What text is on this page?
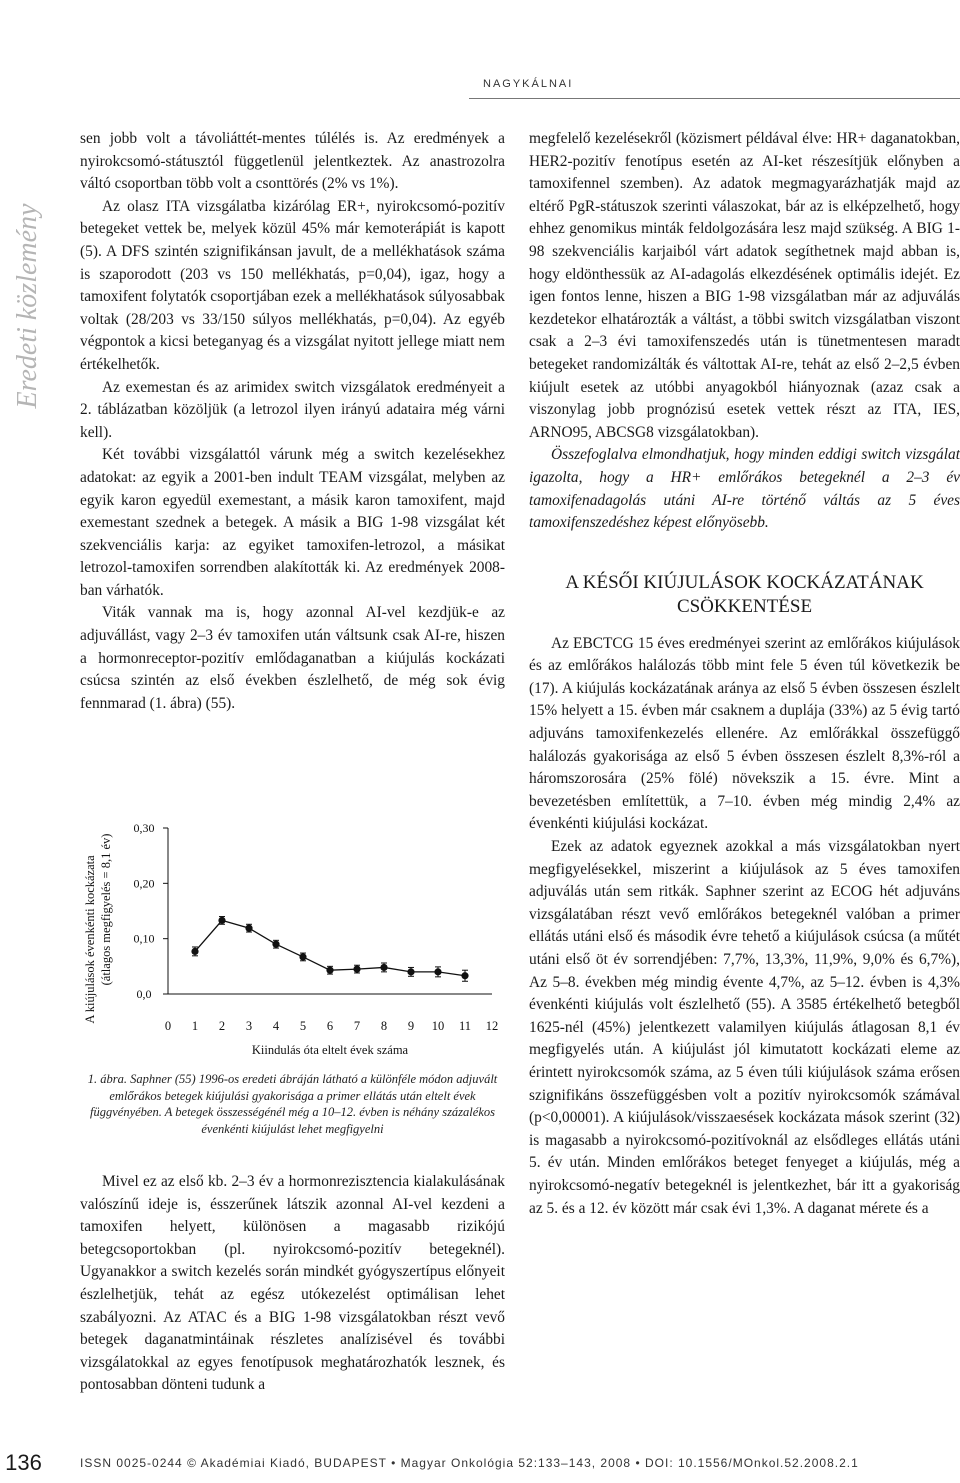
NAGYKÁLNAI
Eredeti közlemény

sen jobb volt a távoliáttét-mentes túlélés is. Az eredmények a nyirokcsomó-státusztól függetlenül jelentkeztek. Az anastrozolra váltó csoportban több volt a csonttörés (2% vs 1%).

Az olasz ITA vizsgálatba kizárólag ER+, nyirokcsomó-pozitív betegeket vettek be, melyek közül 45% már kemoterápiát is kapott (5). A DFS szintén szignifikánsan javult, de a mellékhatások száma is szaporodott (203 vs 150 mellékhatás, p=0,04), igaz, hogy a tamoxifent folytatók csoportjában ezek a mellékhatások súlyosabbak voltak (28/203 vs 33/150 súlyos mellékhatás, p=0,04). Az egyéb végpontok a kicsi beteganyag és a vizsgálat nyitott jellege miatt nem értékelhetők.

Az exemestan és az arimidex switch vizsgálatok eredményeit a 2. táblázatban közöljük (a letrozol ilyen irányú adataira még várni kell).

Két további vizsgálattól várunk még a switch kezelésekhez adatokat: az egyik a 2001-ben indult TEAM vizsgálat, melyben az egyik karon egyedül exemestant, a másik karon tamoxifent, majd exemestant szednek a betegek. A másik a BIG 1-98 vizsgálat két szekvenciális karja: az egyiket tamoxifen-letrozol, a másikat letrozol-tamoxifen sorrendben alakították ki. Az eredmények 2008-ban várhatók.

Viták vannak ma is, hogy azonnal AI-vel kezdjük-e az adjuvállást, vagy 2–3 év tamoxifen után váltsunk csak AI-re, hiszen a hormonreceptor-pozitív emlődaganatban a kiújulás kockázati csúcsa szintén az első években észlelhető, de még sok évig fennmarad (1. ábra) (55).

0,0
0,10
0,20
0,30
0 1 2 3 4 5 6 7 8 9 10 11 12
Kiindulás óta eltelt évek száma
A kiújulások évenkénti kockázata (átlagos megfigyelés = 8,1 év)
1. ábra. Saphner (55) 1996-os eredeti ábráján látható a különféle módon adjuvált emlőrákos betegek kiújulási gyakorisága a primer ellátás után eltelt évek függvényében. A betegek összességénél még a 10–12. évben is néhány százalékos évenkénti kiújulást lehet megfigyelni

Mivel ez az első kb. 2–3 év a hormonrezisztencia kialakulásának valószínű ideje is, ésszerűnek látszik azonnal AI-vel kezdeni a tamoxifen helyett, különösen a magasabb rizikójú betegcsoportokban (pl. nyirokcsomó-pozitív betegeknél). Ugyanakkor a switch kezelés során mindkét gyógyszertípus előnyeit észlelhetjük, tehát az egész utókezelést optimálisan lehet szabályozni. Az ATAC és a BIG 1-98 vizsgálatokban részt vevő betegek daganatmintáinak részletes analízisével és további vizsgálatokkal az egyes fenotípusok meghatározhatók lesznek, és pontosabban dönteni tudunk a

megfelelő kezelésekről (közismert példával élve: HR+ daganatokban, HER2-pozitív fenotípus esetén az AI-ket részesítjük előnyben a tamoxifennel szemben). Az adatok megmagyarázhatják majd az eltérő PgR-státuszok szerinti válaszokat, bár az is elképzelhető, hogy ehhez genomikus minták feldolgozására lesz majd szükség. A BIG 1-98 szekvenciális karjaiból várt adatok segíthetnek majd abban is, hogy eldönthessük az AI-adagolás elkezdésének optimális idejét. Ez igen fontos lenne, hiszen a BIG 1-98 vizsgálatban már az adjuválás kezdetekor elhatározták a váltást, a többi switch vizsgálatban viszont csak a 2–3 évi tamoxifenszedés után is tünetmentesen maradt betegeket randomizálták és váltottak AI-re, tehát az első 2–2,5 évben kiújult esetek az utóbbi anyagokból hiányoznak (azaz csak a viszonylag jobb prognózisú esetek vettek részt az ITA, IES, ARNO95, ABCSG8 vizsgálatokban).

Összefoglalva elmondhatjuk, hogy minden eddigi switch vizsgálat igazolta, hogy a HR+ emlőrákos betegeknél a 2–3 év tamoxifenadagolás utáni AI-re történő váltás az 5 éves tamoxifenszedéshez képest előnyösebb.

A KÉSŐI KIÚJULÁSOK KOCKÁZATÁNAK CSÖKKENTÉSE

Az EBCTCG 15 éves eredményei szerint az emlőrákos kiújulások és az emlőrákos halálozás több mint fele 5 éven túl következik be (17). A kiújulás kockázatának aránya az első 5 évben összesen észlelt 15% helyett a 15. évben már csaknem a duplája (33%) az 5 évig tartó adjuváns tamoxifenkezelés ellenére. Az emlőrákkal összefüggő halálozás gyakorisága az első 5 évben összesen észlelt 8,3%-ról a háromszorosára (25% fölé) növekszik a 15. évre. Mint a bevezetésben említettük, a 7–10. évben még mindig 2,4% az évenkénti kiújulási kockázat.

Ezek az adatok egyeznek azokkal a más vizsgálatokban nyert megfigyelésekkel, miszerint a kiújulások az 5 éves tamoxifen adjuválás után sem ritkák. Saphner szerint az ECOG hét adjuváns vizsgálatában részt vevő emlőrákos betegeknél valóban a primer ellátás utáni első és második évre tehető a kiújulások csúcsa (a műtét utáni első öt év sorrendjében: 7,7%, 13,3%, 11,9%, 9,0% és 6,7%), Az 5–8. években még mindig évente 4,7%, az 5–12. évben is 4,3% évenkénti kiújulás volt észlelhető (55). A 3585 értékelhető betegből 1625-nél (45%) jelentkezett valamilyen kiújulás átlagosan 8,1 év megfigyelés után. A kiújulást jól kimutatott kockázati eleme az érintett nyirokcsomók száma, az 5 éven túli kiújulások száma erősen szignifikáns összefüggésben volt a pozitív nyirokcsomók számával (p<0,00001). A kiújulások/visszaesések kockázata mások szerint (32) is magasabb a nyirokcsomó-pozitívoknál az elsődleges ellátás utáni 5. év után. Minden emlőrákos beteget fenyeget a kiújulás, még a nyirokcsomó-negatív betegeknél is jelentkezhet, bár itt a gyakoriság az 5. és a 12. év között már csak évi 1,3%. A daganat mérete és a

136	ISSN 0025-0244 © Akadémiai Kiadó, BUDAPEST • Magyar Onkológia 52:133–143, 2008 • DOI: 10.1556/MOnkol.52.2008.2.1
